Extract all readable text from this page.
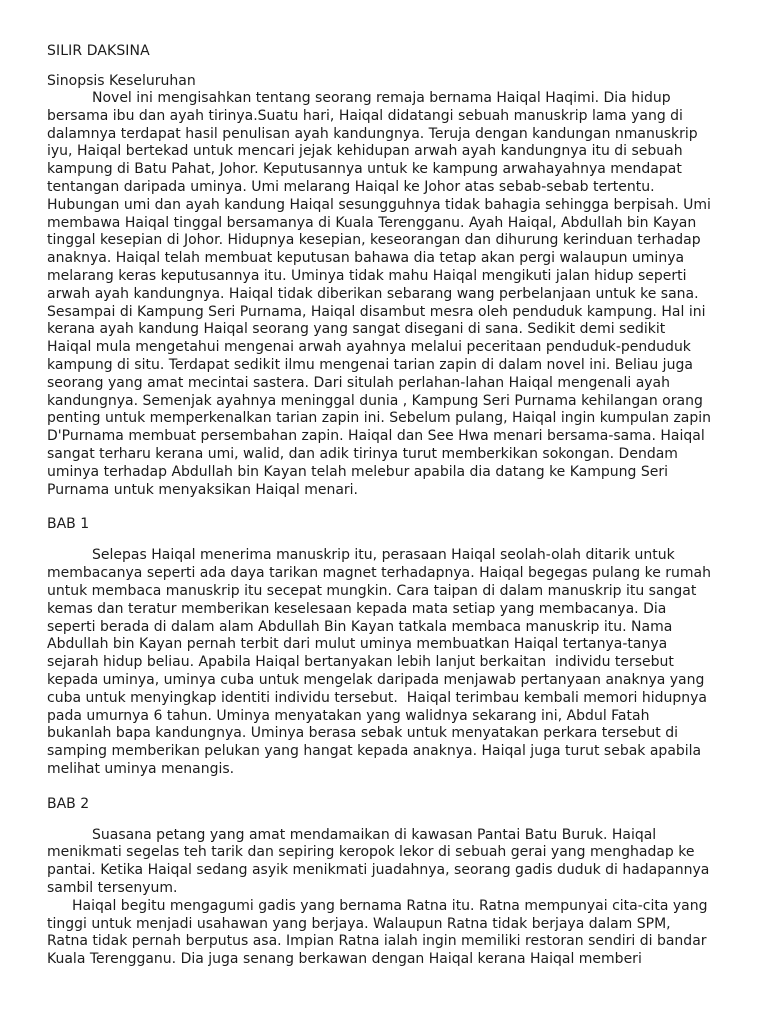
SILIR DAKSINA
Sinopsis Keseluruhan
Novel ini mengisahkan tentang seorang remaja bernama Haiqal Haqimi. Dia hidup
bersama ibu dan ayah tirinya.Suatu hari, Haiqal didatangi sebuah manuskrip lama yang di
dalamnya terdapat hasil penulisan ayah kandungnya. Teruja dengan kandungan nmanuskrip
iyu, Haiqal bertekad untuk mencari jejak kehidupan arwah ayah kandungnya itu di sebuah
kampung di Batu Pahat, Johor. Keputusannya untuk ke kampung arwahayahnya mendapat
tentangan daripada uminya. Umi melarang Haiqal ke Johor atas sebab-sebab tertentu.
Hubungan umi dan ayah kandung Haiqal sesungguhnya tidak bahagia sehingga berpisah. Umi
membawa Haiqal tinggal bersamanya di Kuala Terengganu. Ayah Haiqal, Abdullah bin Kayan
tinggal kesepian di Johor. Hidupnya kesepian, keseorangan dan dihurung kerinduan terhadap
anaknya. Haiqal telah membuat keputusan bahawa dia tetap akan pergi walaupun uminya
melarang keras keputusannya itu. Uminya tidak mahu Haiqal mengikuti jalan hidup seperti
arwah ayah kandungnya. Haiqal tidak diberikan sebarang wang perbelanjaan untuk ke sana.
Sesampai di Kampung Seri Purnama, Haiqal disambut mesra oleh penduduk kampung. Hal ini
kerana ayah kandung Haiqal seorang yang sangat disegani di sana. Sedikit demi sedikit
Haiqal mula mengetahui mengenai arwah ayahnya melalui peceritaan penduduk-penduduk
kampung di situ. Terdapat sedikit ilmu mengenai tarian zapin di dalam novel ini. Beliau juga
seorang yang amat mecintai sastera. Dari situlah perlahan-lahan Haiqal mengenali ayah
kandungnya. Semenjak ayahnya meninggal dunia , Kampung Seri Purnama kehilangan orang
penting untuk memperkenalkan tarian zapin ini. Sebelum pulang, Haiqal ingin kumpulan zapin
D'Purnama membuat persembahan zapin. Haiqal dan See Hwa menari bersama-sama. Haiqal
sangat terharu kerana umi, walid, dan adik tirinya turut memberkikan sokongan. Dendam
uminya terhadap Abdullah bin Kayan telah melebur apabila dia datang ke Kampung Seri
Purnama untuk menyaksikan Haiqal menari.
BAB 1
Selepas Haiqal menerima manuskrip itu, perasaan Haiqal seolah-olah ditarik untuk
membacanya seperti ada daya tarikan magnet terhadapnya. Haiqal begegas pulang ke rumah
untuk membaca manuskrip itu secepat mungkin. Cara taipan di dalam manuskrip itu sangat
kemas dan teratur memberikan keselesaan kepada mata setiap yang membacanya. Dia
seperti berada di dalam alam Abdullah Bin Kayan tatkala membaca manuskrip itu. Nama
Abdullah bin Kayan pernah terbit dari mulut uminya membuatkan Haiqal tertanya-tanya
sejarah hidup beliau. Apabila Haiqal bertanyakan lebih lanjut berkaitan  individu tersebut
kepada uminya, uminya cuba untuk mengelak daripada menjawab pertanyaan anaknya yang
cuba untuk menyingkap identiti individu tersebut.  Haiqal terimbau kembali memori hidupnya
pada umurnya 6 tahun. Uminya menyatakan yang walidnya sekarang ini, Abdul Fatah
bukanlah bapa kandungnya. Uminya berasa sebak untuk menyatakan perkara tersebut di
samping memberikan pelukan yang hangat kepada anaknya. Haiqal juga turut sebak apabila
melihat uminya menangis.
BAB 2
Suasana petang yang amat mendamaikan di kawasan Pantai Batu Buruk. Haiqal
menikmati segelas teh tarik dan sepiring keropok lekor di sebuah gerai yang menghadap ke
pantai. Ketika Haiqal sedang asyik menikmati juadahnya, seorang gadis duduk di hadapannya
sambil tersenyum.
Haiqal begitu mengagumi gadis yang bernama Ratna itu. Ratna mempunyai cita-cita yang
tinggi untuk menjadi usahawan yang berjaya. Walaupun Ratna tidak berjaya dalam SPM,
Ratna tidak pernah berputus asa. Impian Ratna ialah ingin memiliki restoran sendiri di bandar
Kuala Terengganu. Dia juga senang berkawan dengan Haiqal kerana Haiqal memberi
